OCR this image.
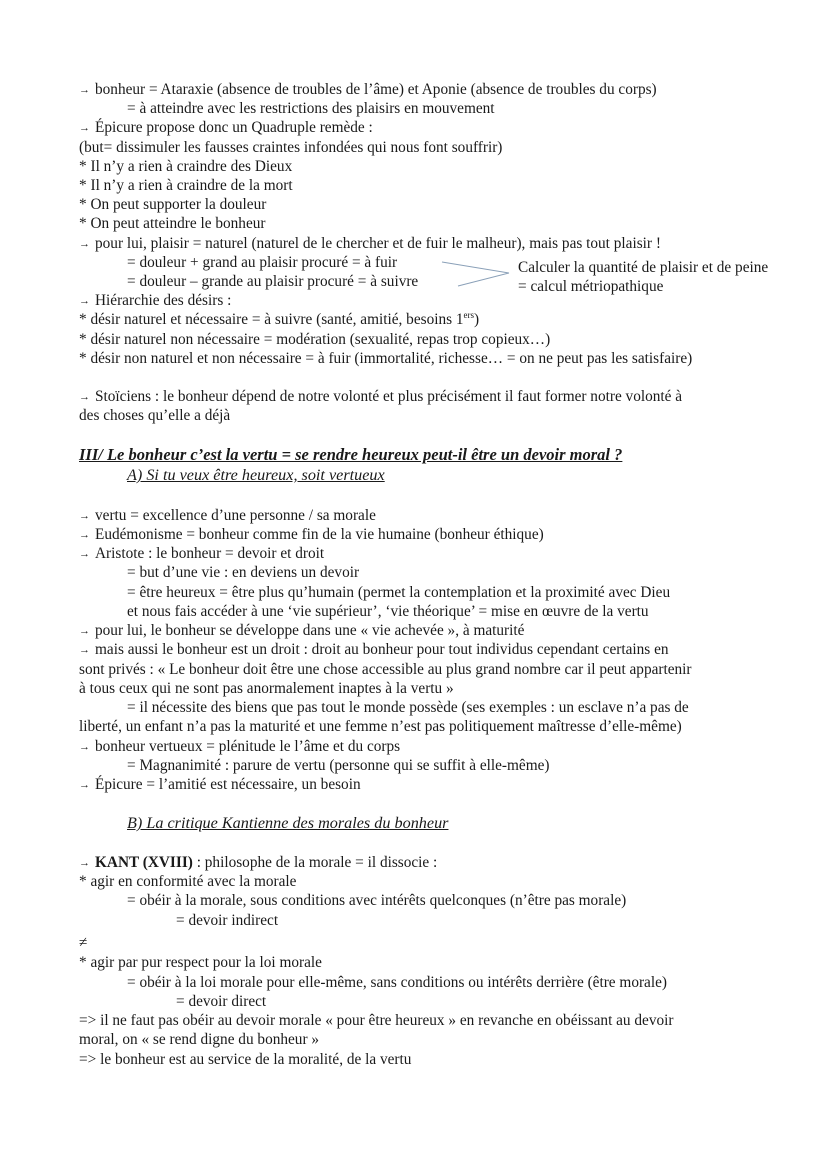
→ bonheur = Ataraxie (absence de troubles de l’âme) et Aponie (absence de troubles du corps)
= à atteindre avec les restrictions des plaisirs en mouvement
→ Épicure propose donc un Quadruple remède :
(but= dissimuler les fausses craintes infondées qui nous font souffrir)
* Il n’y a rien à craindre des Dieux
* Il n’y a rien à craindre de la mort
* On peut supporter la douleur
* On peut atteindre le bonheur
→ pour lui, plaisir = naturel (naturel de le chercher et de fuir le malheur), mais pas tout plaisir !
= douleur + grand au plaisir procuré = à fuir
= douleur – grande au plaisir procuré = à suivre
Calculer la quantité de plaisir et de peine
= calcul métriopathique
→ Hiérarchie des désirs :
* désir naturel et nécessaire = à suivre (santé, amitié, besoins 1ers)
* désir naturel non nécessaire = modération (sexualité, repas trop copieux…)
* désir non naturel et non nécessaire = à fuir (immortalité, richesse… = on ne peut pas les satisfaire)
→ Stoïciens : le bonheur dépend de notre volonté et plus précisément il faut former notre volonté à
des choses qu’elle a déjà
III/ Le bonheur c’est la vertu = se rendre heureux peut-il être un devoir moral ?
A) Si tu veux être heureux, soit vertueux
→ vertu = excellence d’une personne / sa morale
→ Eudémonisme = bonheur comme fin de la vie humaine (bonheur éthique)
→ Aristote : le bonheur = devoir et droit
= but d’une vie : en deviens un devoir
= être heureux = être plus qu’humain (permet la contemplation et la proximité avec Dieu
et nous fais accéder à une ‘vie supérieur’, ‘vie théorique’ = mise en œuvre de la vertu
→ pour lui, le bonheur se développe dans une « vie achevée », à maturité
→ mais aussi le bonheur est un droit : droit au bonheur pour tout individus cependant certains en
sont privés : « Le bonheur doit être une chose accessible au plus grand nombre car il peut appartenir
à tous ceux qui ne sont pas anormalement inaptes à la vertu »
= il nécessite des biens que pas tout le monde possède (ses exemples : un esclave n’a pas de
liberté, un enfant n’a pas la maturité et une femme n’est pas politiquement maîtresse d’elle-même)
→ bonheur vertueux = plénitude le l’âme et du corps
= Magnanimité : parure de vertu (personne qui se suffit à elle-même)
→ Épicure = l’amitié est nécessaire, un besoin
B) La critique Kantienne des morales du bonheur
→ KANT (XVIII) : philosophe de la morale = il dissocie :
* agir en conformité avec la morale
= obéir à la morale, sous conditions avec intérêts quelconques (n’être pas morale)
= devoir indirect
≠
* agir par pur respect pour la loi morale
= obéir à la loi morale pour elle-même, sans conditions ou intérêts derrière (être morale)
= devoir direct
=> il ne faut pas obéir au devoir morale « pour être heureux » en revanche en obéissant au devoir
moral, on « se rend digne du bonheur »
=> le bonheur est au service de la moralité, de la vertu
